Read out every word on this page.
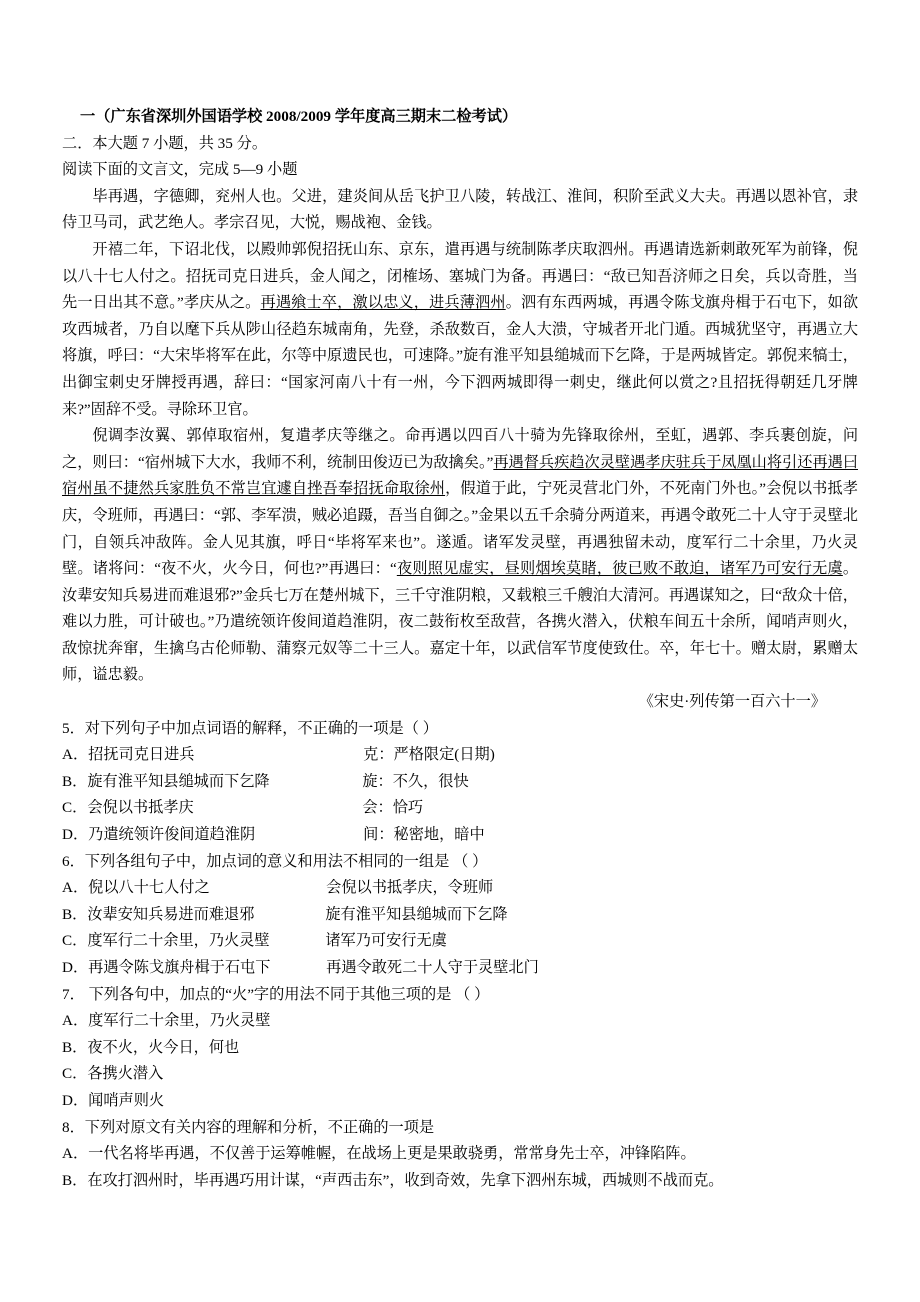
一（广东省深圳外国语学校 2008/2009 学年度高三期末二检考试）

二．本大题 7 小题，共 35 分。

阅读下面的文言文，完成 5—9 小题

毕再遇，字德卿，兖州人也。父进，建炎间从岳飞护卫八陵，转战江、淮间，积阶至武义大夫。再遇以恩补官，隶侍卫马司，武艺绝人。孝宗召见，大悦，赐战袍、金钱。

开禧二年，下诏北伐，以殿帅郭倪招抚山东、京东，遣再遇与统制陈孝庆取泗州。再遇请选新刺敢死军为前锋，倪以八十七人付之。招抚司克日进兵，金人闻之，闭榷场、塞城门为备。再遇曰：“敌已知吾济师之日矣，兵以奇胜，当先一日出其不意。”孝庆从之。再遇飨士卒，激以忠义，进兵薄泗州。泗有东西两城，再遇令陈戈旗舟楫于石屯下，如欲攻西城者，乃自以麾下兵从陟山径趋东城南角，先登，杀敌数百，金人大溃，守城者开北门遁。西城犹坚守，再遇立大将旗，呼曰：“大宋毕将军在此，尔等中原遗民也，可速降。”旋有淮平知县缒城而下乞降，于是两城皆定。郭倪来犒士，出御宝刺史牙牌授再遇，辞曰：“国家河南八十有一州，今下泗两城即得一刺史，继此何以赏之?且招抚得朝廷几牙牌来?”固辞不受。寻除环卫官。

倪调李汝翼、郭倬取宿州，复遣孝庆等继之。命再遇以四百八十骑为先锋取徐州，至虹，遇郭、李兵裹创旋，问之，则曰：“宿州城下大水，我师不利，统制田俊迈已为敌擒矣。”再遇督兵疾趋次灵壁遇孝庆驻兵于凤凰山将引还再遇曰宿州虽不捷然兵家胜负不常岂宜遽自挫吾奉招抚命取徐州，假道于此，宁死灵营北门外，不死南门外也。”会倪以书抵孝庆，令班师，再遇曰：“郭、李军溃，贼必追蹑，吾当自御之。”金果以五千余骑分两道来，再遇令敢死二十人守于灵壁北门，自领兵冲敌阵。金人见其旗，呼日“毕将军来也”。遂遁。诸军发灵壁，再遇独留未动，度军行二十余里，乃火灵壁。诸将问：“夜不火，火今日，何也?”再遇曰：“夜则照见虚实，昼则烟埃莫睹，彼已败不敢迫，诸军乃可安行无虞。汝辈安知兵易进而难退邪?”金兵七万在楚州城下，三千守淮阴粮，又载粮三千艘泊大清河。再遇谋知之，曰“敌众十倍，难以力胜，可计破也。”乃遣统领许俊间道趋淮阴，夜二鼓衔枚至敌营，各携火潜入，伏粮车间五十余所，闻哨声则火，敌惊扰奔窜，生擒乌古伦师勒、蒲察元奴等二十三人。嘉定十年，以武信军节度使致仕。卒，年七十。赠太尉，累赠太师，谥忠毅。

《宋史·列传第一百六十一》

5．对下列句子中加点词语的解释，不正确的一项是（ ）

A． 招抚司克日进兵	克：严格限定(日期)
B． 旋有淮平知县缒城而下乞降	旋：不久，很快
C． 会倪以书抵孝庆	会：恰巧
D． 乃遣统领许俊间道趋淮阴	间：秘密地，暗中

6．下列各组句子中，加点词的意义和用法不相同的一组是 （ ）

A． 倪以八十七人付之	会倪以书抵孝庆，令班师
B． 汝辈安知兵易进而难退邪	旋有淮平知县缒城而下乞降
C． 度军行二十余里，乃火灵壁	诸军乃可安行无虞
D． 再遇令陈戈旗舟楫于石屯下	再遇令敢死二十人守于灵壁北门

7． 下列各句中，加点的“火”字的用法不同于其他三项的是 （ ）

A． 度军行二十余里，乃火灵壁
B． 夜不火，火今日，何也
C． 各携火潜入
D． 闻哨声则火

8．下列对原文有关内容的理解和分析，不正确的一项是

A．一代名将毕再遇，不仅善于运筹帷幄，在战场上更是果敢骁勇，常常身先士卒，冲锋陷阵。

B．在攻打泗州时，毕再遇巧用计谋，“声西击东”，收到奇效，先拿下泗州东城，西城则不战而克。
